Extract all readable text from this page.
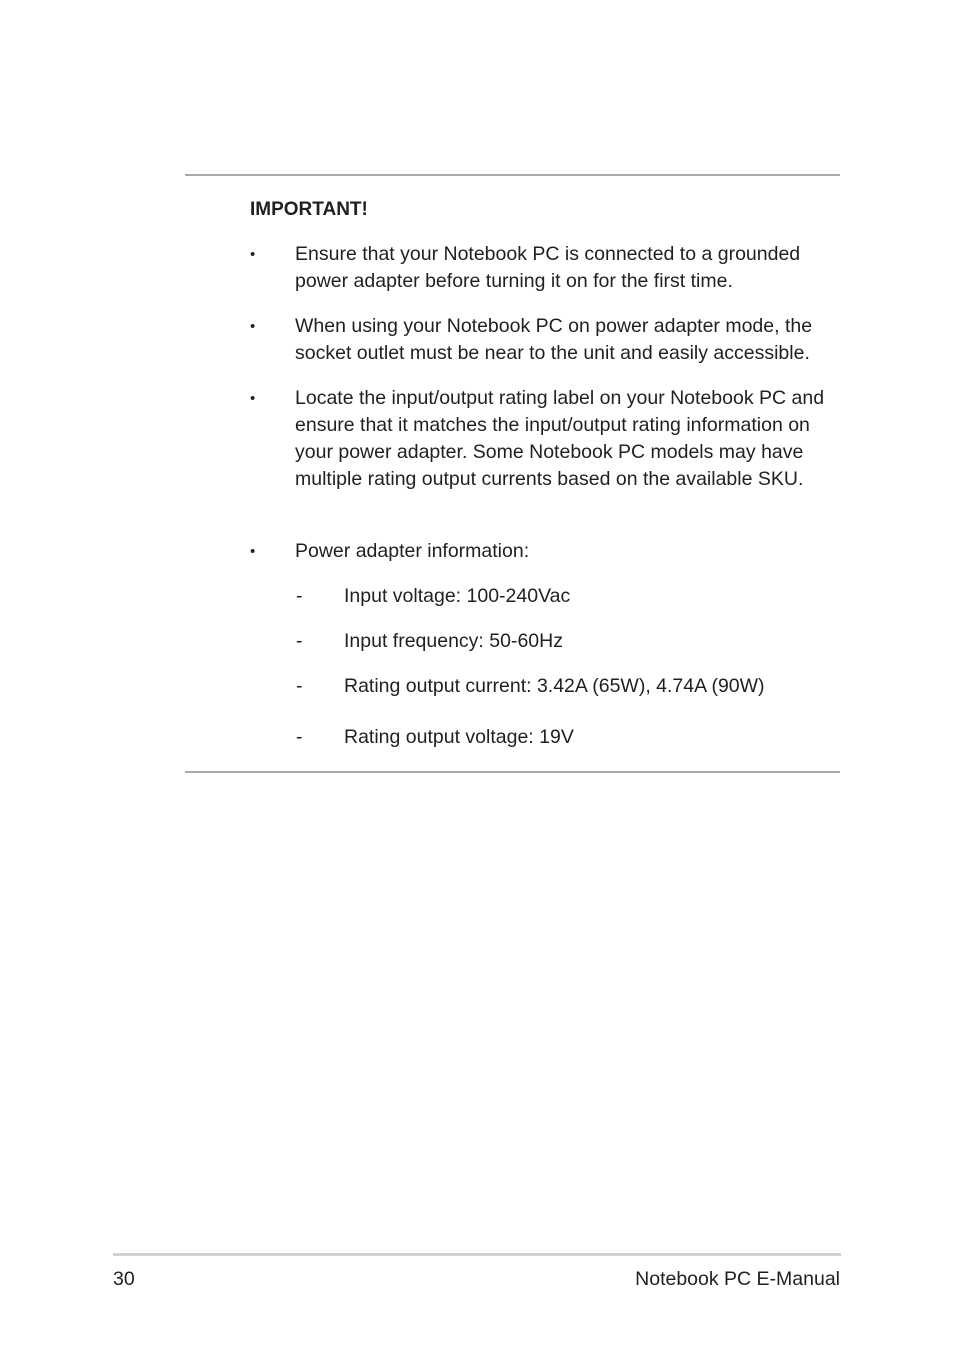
IMPORTANT!
• Ensure that your Notebook PC is connected to a grounded power adapter before turning it on for the first time.
• When using your Notebook PC on power adapter mode, the socket outlet must be near to the unit and easily accessible.
• Locate the input/output rating label on your Notebook PC and ensure that it matches the input/output rating information on your power adapter. Some Notebook PC models may have multiple rating output currents based on the available SKU.
• Power adapter information:
- Input voltage: 100-240Vac
- Input frequency: 50-60Hz
- Rating output current: 3.42A (65W), 4.74A (90W)
- Rating output voltage: 19V
30	Notebook PC E-Manual
